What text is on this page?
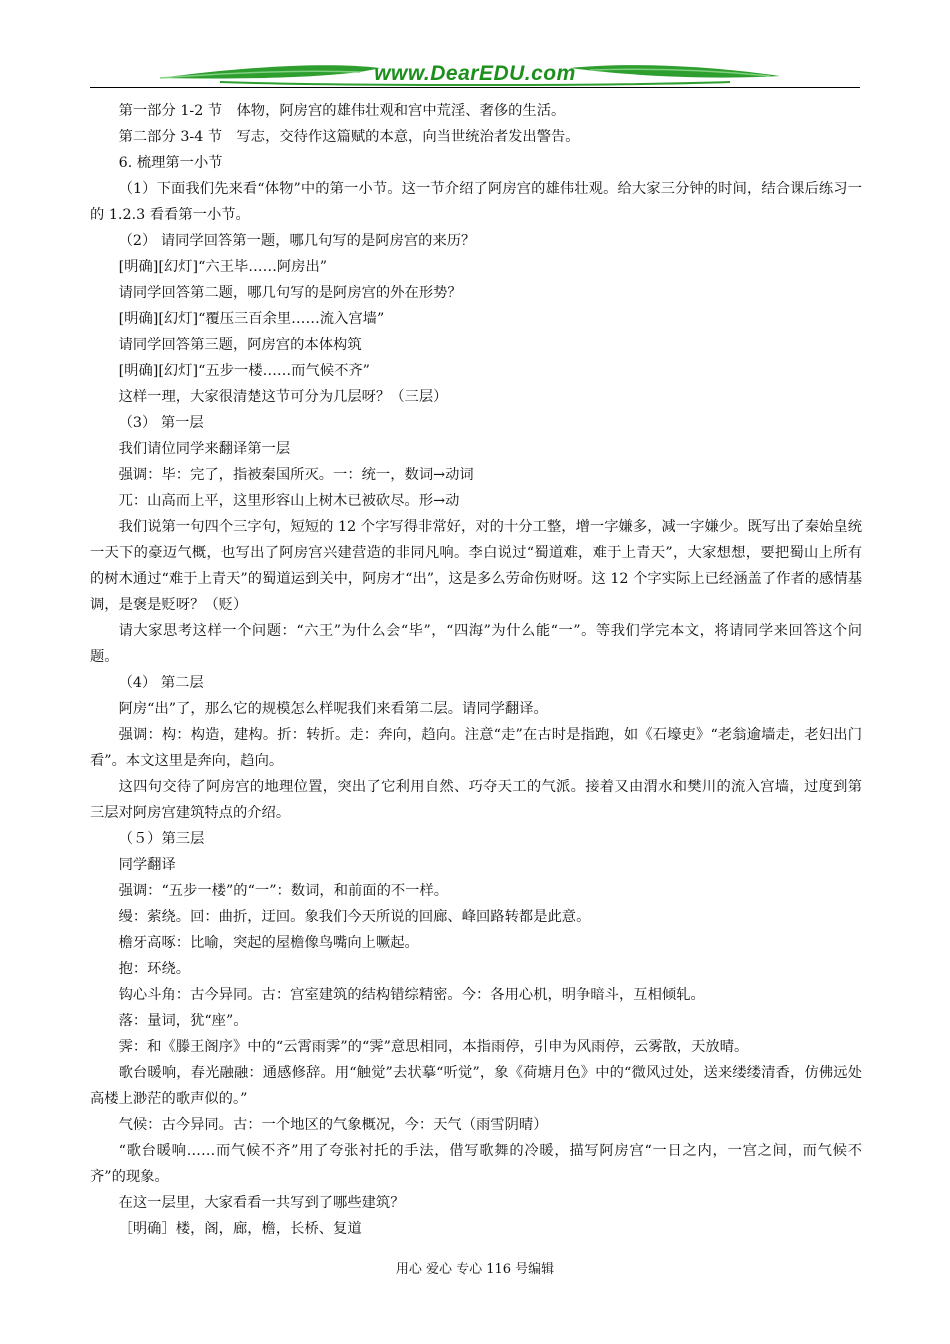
www.DearEDU.com

第一部分 1-2 节　体物，阿房宫的雄伟壮观和宫中荒淫、奢侈的生活。

第二部分 3-4 节　写志，交待作这篇赋的本意，向当世统治者发出警告。

6. 梳理第一小节

（1）下面我们先来看“体物”中的第一小节。这一节介绍了阿房宫的雄伟壮观。给大家三分钟的时间，结合课后练习一的 1.2.3 看看第一小节。

（2） 请同学回答第一题，哪几句写的是阿房宫的来历？

[明确][幻灯]“六王毕……阿房出”

请同学回答第二题，哪几句写的是阿房宫的外在形势？

[明确][幻灯]“覆压三百余里……流入宫墙”

请同学回答第三题，阿房宫的本体构筑

[明确][幻灯]“五步一楼……而气候不齐”

这样一理，大家很清楚这节可分为几层呀？（三层）

（3） 第一层

我们请位同学来翻译第一层

强调：毕：完了，指被秦国所灭。一：统一，数词→动词

兀：山高而上平，这里形容山上树木已被砍尽。形→动

我们说第一句四个三字句，短短的 12 个字写得非常好，对的十分工整，增一字嫌多，减一字嫌少。既写出了秦始皇统一天下的豪迈气概，也写出了阿房宫兴建营造的非同凡响。李白说过“蜀道难，难于上青天”，大家想想，要把蜀山上所有的树木通过“难于上青天”的蜀道运到关中，阿房才“出”，这是多么劳命伤财呀。这 12 个字实际上已经涵盖了作者的感情基调，是褒是贬呀？（贬）

请大家思考这样一个问题：“六王”为什么会“毕”，“四海”为什么能“一”。等我们学完本文，将请同学来回答这个问题。

（4） 第二层

阿房“出”了，那么它的规模怎么样呢我们来看第二层。请同学翻译。

强调：构：构造，建构。折：转折。走：奔向，趋向。注意“走”在古时是指跑，如《石壕吏》“老翁逾墙走，老妇出门看”。本文这里是奔向，趋向。

这四句交待了阿房宫的地理位置，突出了它利用自然、巧夺天工的气派。接着又由渭水和樊川的流入宫墙，过度到第三层对阿房宫建筑特点的介绍。

（５）第三层

同学翻译

强调：“五步一楼”的“一”：数词，和前面的不一样。

缦：萦绕。回：曲折，迂回。象我们今天所说的回廊、峰回路转都是此意。

檐牙高啄：比喻，突起的屋檐像鸟嘴向上噘起。

抱：环绕。

钩心斗角：古今异同。古：宫室建筑的结构错综精密。今：各用心机，明争暗斗，互相倾轧。

落：量词，犹“座”。

霁：和《滕王阁序》中的“云霄雨霁”的“霁”意思相同，本指雨停，引申为风雨停，云雾散，天放晴。

歌台暖响，春光融融：通感修辞。用“触觉”去状摹“听觉”，象《荷塘月色》中的“微风过处，送来缕缕清香，仿佛远处高楼上渺茫的歌声似的。”

气候：古今异同。古：一个地区的气象概况，今：天气（雨雪阴晴）

“歌台暖响……而气候不齐”用了夸张衬托的手法，借写歌舞的冷暖，描写阿房宫“一日之内，一宫之间，而气候不齐”的现象。

在这一层里，大家看看一共写到了哪些建筑？

［明确］楼，阁，廊，檐，长桥、复道

用心 爱心 专心 116 号编辑
